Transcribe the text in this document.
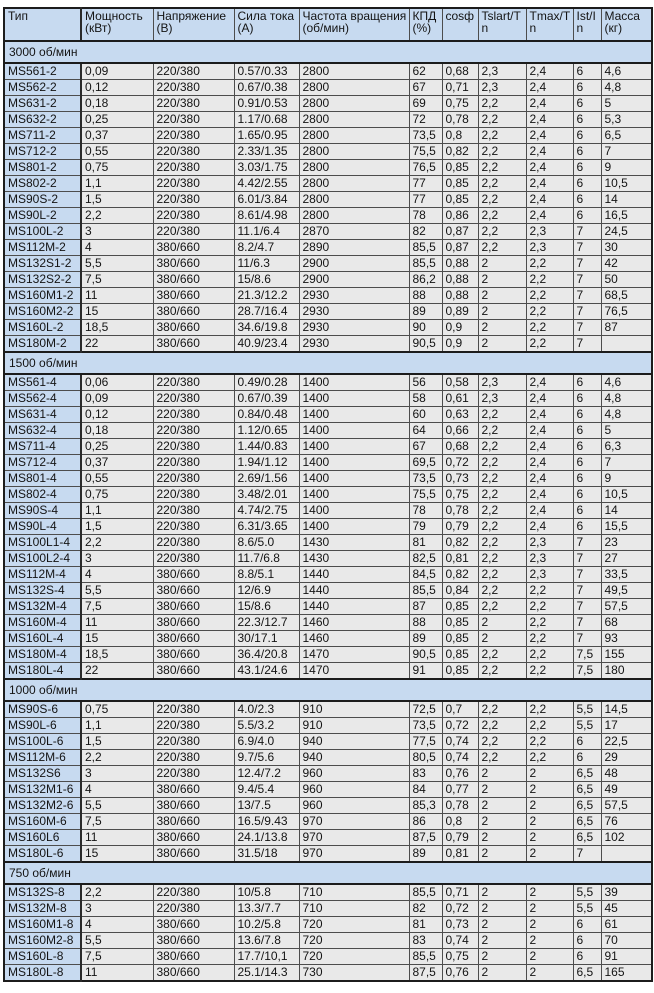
Тип	Мощность (кВт)	Напряжение (В)	Сила тока (А)	Частота вращения (об/мин)	КПД (%)	cosф	Tslart/Tn	Tmax/Tn	Ist/In	Масса (кг)
3000 об/мин										
MS561-2	0,09	220/380	0.57/0.33	2800	62	0,68	2,3	2,4	6	4,6
MS562-2	0,12	220/380	0.67/0.38	2800	67	0,71	2,3	2,4	6	4,8
MS631-2	0,18	220/380	0.91/0.53	2800	69	0,75	2,2	2,4	6	5
MS632-2	0,25	220/380	1.17/0.68	2800	72	0,78	2,2	2,4	6	5,3
MS711-2	0,37	220/380	1.65/0.95	2800	73,5	0,8	2,2	2,4	6	6,5
MS712-2	0,55	220/380	2.33/1.35	2800	75,5	0,82	2,2	2,4	6	7
MS801-2	0,75	220/380	3.03/1.75	2800	76,5	0,85	2,2	2,4	6	9
MS802-2	1,1	220/380	4.42/2.55	2800	77	0,85	2,2	2,4	6	10,5
MS90S-2	1,5	220/380	6.01/3.84	2800	77	0,85	2,2	2,4	6	14
MS90L-2	2,2	220/380	8.61/4.98	2800	78	0,86	2,2	2,4	6	16,5
MS100L-2	3	220/380	11.1/6.4	2870	82	0,87	2,2	2,3	7	24,5
MS112M-2	4	380/660	8.2/4.7	2890	85,5	0,87	2,2	2,3	7	30
MS132S1-2	5,5	380/660	11/6.3	2900	85,5	0,88	2	2,2	7	42
MS132S2-2	7,5	380/660	15/8.6	2900	86,2	0,88	2	2,2	7	50
MS160M1-2	11	380/660	21.3/12.2	2930	88	0,88	2	2,2	7	68,5
MS160M2-2	15	380/660	28.7/16.4	2930	89	0,89	2	2,2	7	76,5
MS160L-2	18,5	380/660	34.6/19.8	2930	90	0,9	2	2,2	7	87
MS180M-2	22	380/660	40.9/23.4	2930	90,5	0,9	2	2,2	7	
1500 об/мин										
MS561-4	0,06	220/380	0.49/0.28	1400	56	0,58	2,3	2,4	6	4,6
MS562-4	0,09	220/380	0.67/0.39	1400	58	0,61	2,3	2,4	6	4,8
MS631-4	0,12	220/380	0.84/0.48	1400	60	0,63	2,2	2,4	6	4,8
MS632-4	0,18	220/380	1.12/0.65	1400	64	0,66	2,2	2,4	6	5
MS711-4	0,25	220/380	1.44/0.83	1400	67	0,68	2,2	2,4	6	6,3
MS712-4	0,37	220/380	1.94/1.12	1400	69,5	0,72	2,2	2,4	6	7
MS801-4	0,55	220/380	2.69/1.56	1400	73,5	0,73	2,2	2,4	6	9
MS802-4	0,75	220/380	3.48/2.01	1400	75,5	0,75	2,2	2,4	6	10,5
MS90S-4	1,1	220/380	4.74/2.75	1400	78	0,78	2,2	2,4	6	14
MS90L-4	1,5	220/380	6.31/3.65	1400	79	0,79	2,2	2,4	6	15,5
MS100L1-4	2,2	220/380	8.6/5.0	1430	81	0,82	2,2	2,3	7	23
MS100L2-4	3	220/380	11.7/6.8	1430	82,5	0,81	2,2	2,3	7	27
MS112M-4	4	380/660	8.8/5.1	1440	84,5	0,82	2,2	2,3	7	33,5
MS132S-4	5,5	380/660	12/6.9	1440	85,5	0,84	2,2	2,2	7	49,5
MS132M-4	7,5	380/660	15/8.6	1440	87	0,85	2,2	2,2	7	57,5
MS160M-4	11	380/660	22.3/12.7	1460	88	0,85	2	2,2	7	68
MS160L-4	15	380/660	30/17.1	1460	89	0,85	2	2,2	7	93
MS180M-4	18,5	380/660	36.4/20.8	1470	90,5	0,85	2,2	2,2	7,5	155
MS180L-4	22	380/660	43.1/24.6	1470	91	0,85	2,2	2,2	7,5	180
1000 об/мин										
MS90S-6	0,75	220/380	4.0/2.3	910	72,5	0,7	2,2	2,2	5,5	14,5
MS90L-6	1,1	220/380	5.5/3.2	910	73,5	0,72	2,2	2,2	5,5	17
MS100L-6	1,5	220/380	6.9/4.0	940	77,5	0,74	2,2	2,2	6	22,5
MS112M-6	2,2	220/380	9.7/5.6	940	80,5	0,74	2,2	2,2	6	29
MS132S6	3	220/380	12.4/7.2	960	83	0,76	2	2	6,5	48
MS132M1-6	4	380/660	9.4/5.4	960	84	0,77	2	2	6,5	49
MS132M2-6	5,5	380/660	13/7.5	960	85,3	0,78	2	2	6,5	57,5
MS160M-6	7,5	380/660	16.5/9.43	970	86	0,8	2	2	6,5	76
MS160L6	11	380/660	24.1/13.8	970	87,5	0,79	2	2	6,5	102
MS180L-6	15	380/660	31.5/18	970	89	0,81	2	2	7	
750 об/мин										
MS132S-8	2,2	220/380	10/5.8	710	85,5	0,71	2	2	5,5	39
MS132M-8	3	220/380	13.3/7.7	710	82	0,72	2	2	5,5	45
MS160M1-8	4	380/660	10.2/5.8	720	81	0,73	2	2	6	61
MS160M2-8	5,5	380/660	13.6/7.8	720	83	0,74	2	2	6	70
MS160L-8	7,5	380/660	17.7/10,1	720	85,5	0,75	2	2	6	91
MS180L-8	11	380/660	25.1/14.3	730	87,5	0,76	2	2	6,5	165
